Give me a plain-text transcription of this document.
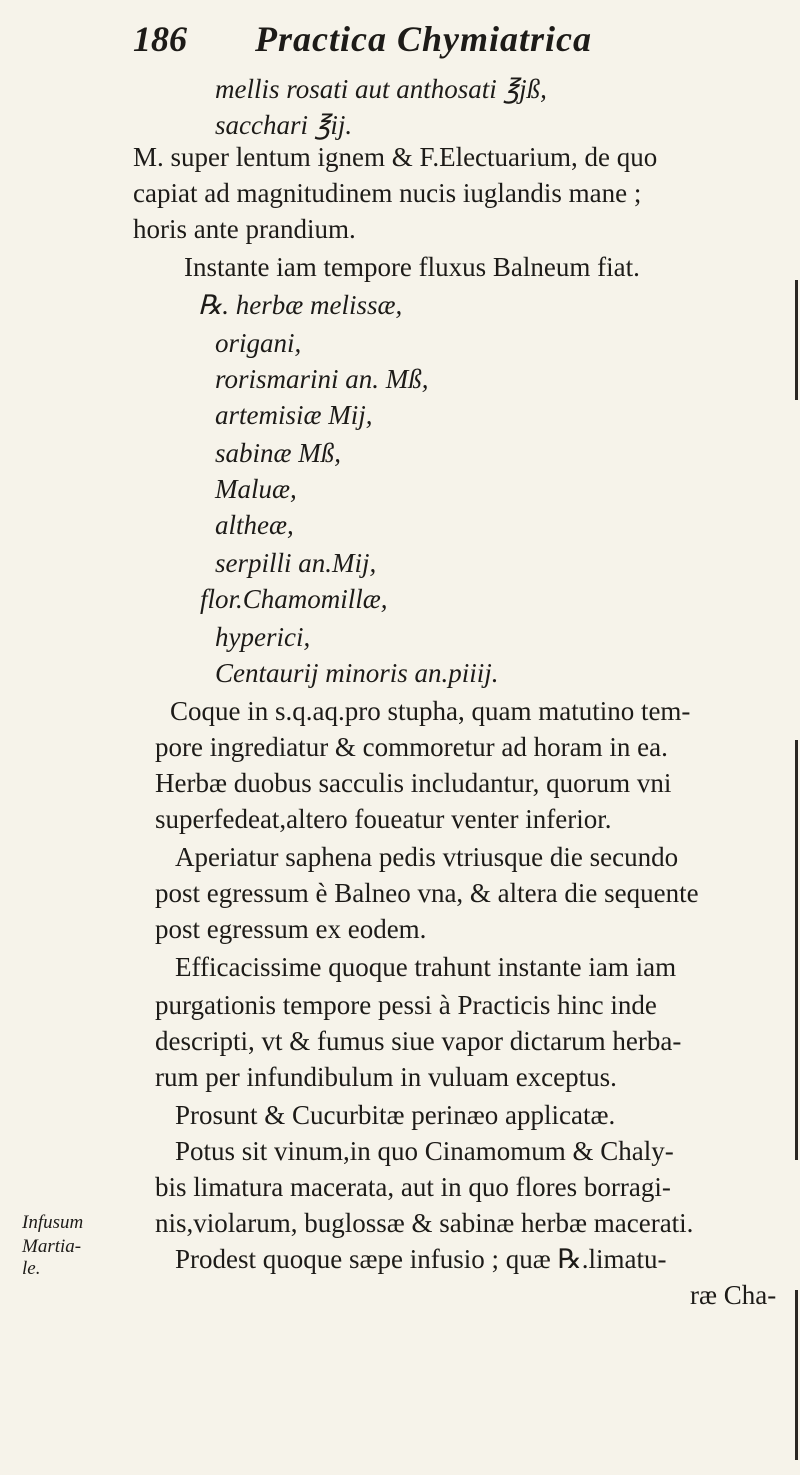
186 Practica Chymiatrica
mellis rosati aut anthosati ℥jß,
sacchari ℥ij.
M. super lentum ignem & F.Electuarium, de quo
capiat ad magnitudinem nucis iuglandis mane ;
horis ante prandium.
Instante iam tempore fluxus Balneum fiat.
℞. herbæ melissæ,
origani,
rorismarini an. Mß,
artemisiæ Mij,
sabinæ Mß,
Maluæ,
altheæ,
serpilli an.Mij,
flor.Chamomillæ,
hyperici,
Centaurij minoris an.piiij.
Coque in s.q.aq.pro stupha, quam matutino tem-
pore ingrediatur & commoretur ad horam in ea.
Herbæ duobus sacculis includantur, quorum vni
superfedeat,altero foueatur venter inferior.
Aperiatur saphena pedis vtriusque die secundo
post egressum è Balneo vna, & altera die sequente
post egressum ex eodem.
Efficacissime quoque trahunt instante iam iam
purgationis tempore pessi à Practicis hinc inde
descripti, vt & fumus siue vapor dictarum herba-
rum per infundibulum in vuluam exceptus.
Prosunt & Cucurbitæ perinæo applicatæ.
Potus sit vinum,in quo Cinamomum & Chaly-
bis limatura macerata, aut in quo flores borragi-
nis,violarum, buglossæ & sabinæ herbæ macerati.
Prodest quoque sæpe infusio ; quæ ℞.limatu-
ræ Cha-
Infusum
Martia-
le.
